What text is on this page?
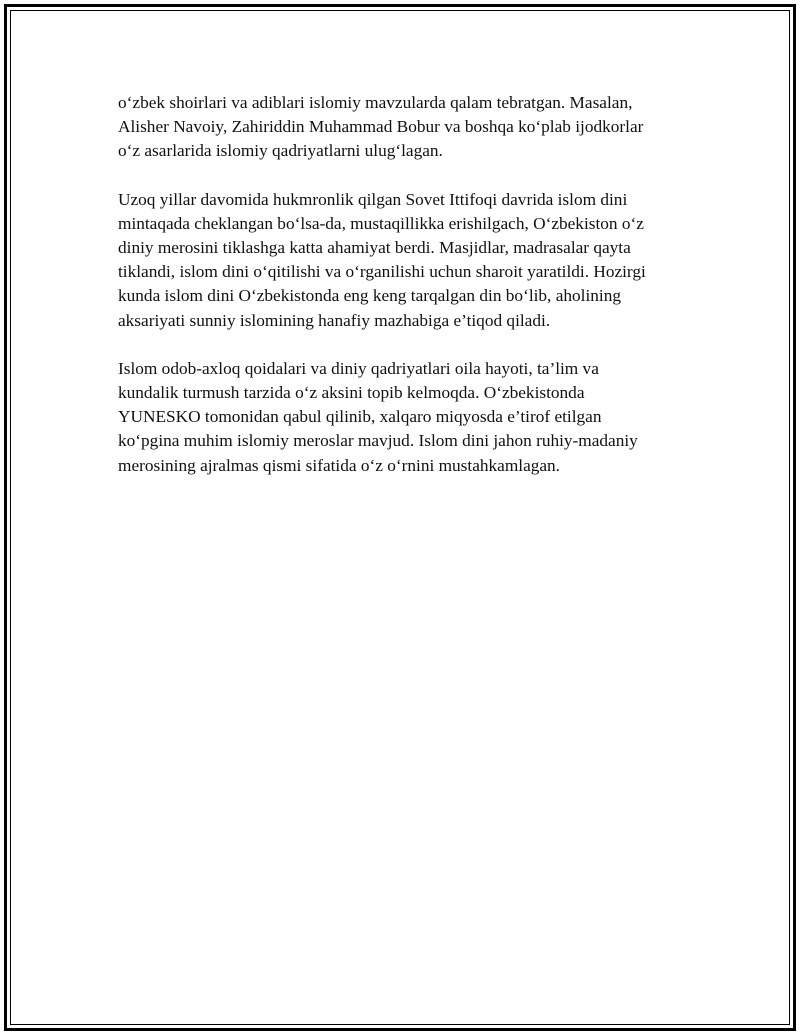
o‘zbek shoirlari va adiblari islomiy mavzularda qalam tebratgan. Masalan,
Alisher Navoiy, Zahiriddin Muhammad Bobur va boshqa ko‘plab ijodkorlar
o‘z asarlarida islomiy qadriyatlarni ulug‘lagan.

Uzoq yillar davomida hukmronlik qilgan Sovet Ittifoqi davrida islom dini
mintaqada cheklangan bo‘lsa-da, mustaqillikka erishilgach, O‘zbekiston o‘z
diniy merosini tiklashga katta ahamiyat berdi. Masjidlar, madrasalar qayta
tiklandi, islom dini o‘qitilishi va o‘rganilishi uchun sharoit yaratildi. Hozirgi
kunda islom dini O‘zbekistonda eng keng tarqalgan din bo‘lib, aholining
aksariyati sunniy islomining hanafiy mazhabiga e’tiqod qiladi.

Islom odob-axloq qoidalari va diniy qadriyatlari oila hayoti, ta’lim va
kundalik turmush tarzida o‘z aksini topib kelmoqda. O‘zbekistonda
YUNESKO tomonidan qabul qilinib, xalqaro miqyosda e’tirof etilgan
ko‘pgina muhim islomiy meroslar mavjud. Islom dini jahon ruhiy-madaniy
merosining ajralmas qismi sifatida o‘z o‘rnini mustahkamlagan.
